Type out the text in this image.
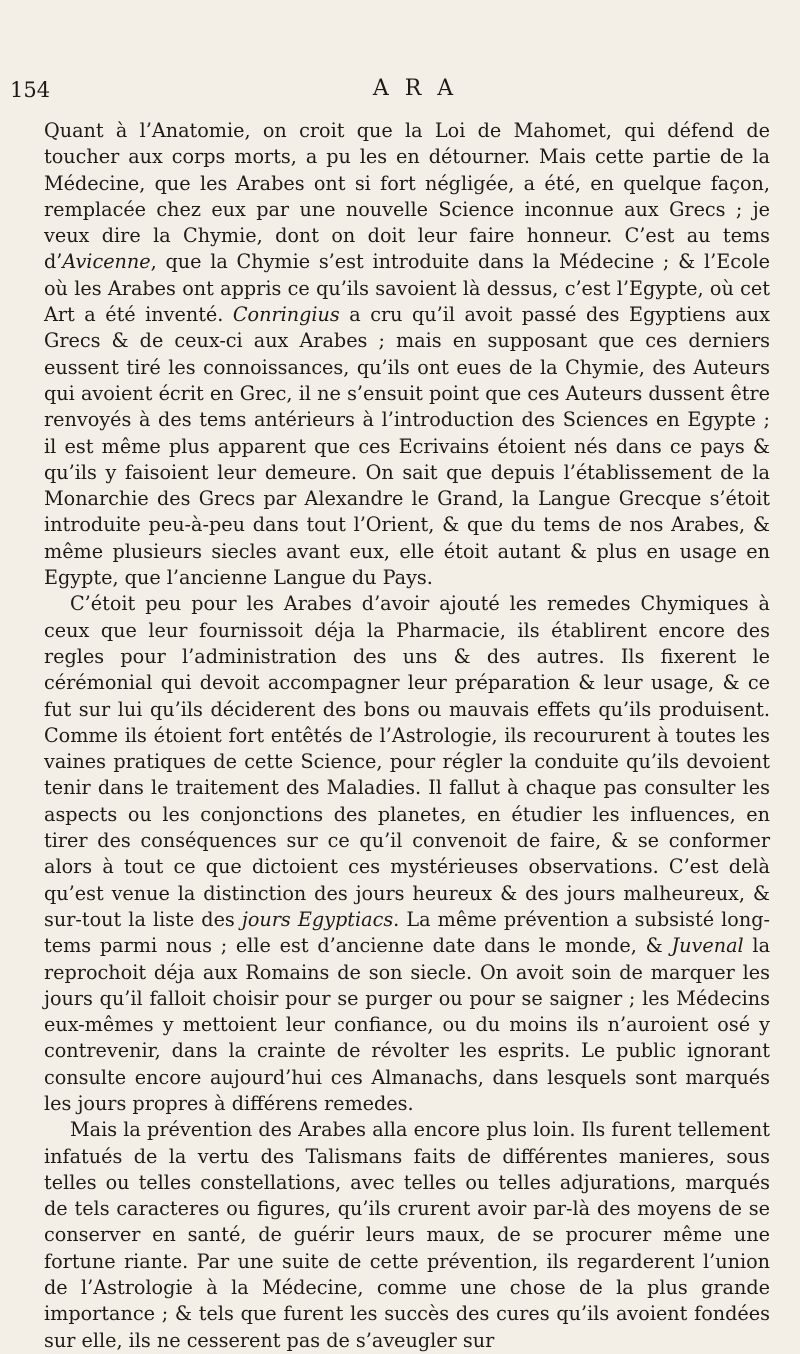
154	ARA

Quant à l’Anatomie, on croit que la Loi de Mahomet, qui défend de toucher aux corps morts, a pu les en détourner. Mais cette partie de la Médecine, que les Arabes ont si fort négligée, a été, en quelque façon, remplacée chez eux par une nouvelle Science inconnue aux Grecs ; je veux dire la Chymie, dont on doit leur faire honneur. C’est au tems d’Avicenne, que la Chymie s’est introduite dans la Médecine ; & l’Ecole où les Arabes ont appris ce qu’ils savoient là dessus, c’est l’Egypte, où cet Art a été inventé. Conringius a cru qu’il avoit passé des Egyptiens aux Grecs & de ceux-ci aux Arabes ; mais en supposant que ces derniers eussent tiré les connoissances, qu’ils ont eues de la Chymie, des Auteurs qui avoient écrit en Grec, il ne s’ensuit point que ces Auteurs dussent être renvoyés à des tems antérieurs à l’introduction des Sciences en Egypte ; il est même plus apparent que ces Ecrivains étoient nés dans ce pays & qu’ils y faisoient leur demeure. On sait que depuis l’établissement de la Monarchie des Grecs par Alexandre le Grand, la Langue Grecque s’étoit introduite peu-à-peu dans tout l’Orient, & que du tems de nos Arabes, & même plusieurs siecles avant eux, elle étoit autant & plus en usage en Egypte, que l’ancienne Langue du Pays.

C’étoit peu pour les Arabes d’avoir ajouté les remedes Chymiques à ceux que leur fournissoit déja la Pharmacie, ils établirent encore des regles pour l’administration des uns & des autres. Ils fixerent le cérémonial qui devoit accompagner leur préparation & leur usage, & ce fut sur lui qu’ils déciderent des bons ou mauvais effets qu’ils produisent. Comme ils étoient fort entêtés de l’Astrologie, ils recoururent à toutes les vaines pratiques de cette Science, pour régler la conduite qu’ils devoient tenir dans le traitement des Maladies. Il fallut à chaque pas consulter les aspects ou les conjonctions des planetes, en étudier les influences, en tirer des conséquences sur ce qu’il convenoit de faire, & se conformer alors à tout ce que dictoient ces mystérieuses observations. C’est delà qu’est venue la distinction des jours heureux & des jours malheureux, & sur-tout la liste des jours Egyptiacs. La même prévention a subsisté long-tems parmi nous ; elle est d’ancienne date dans le monde, & Juvenal la reprochoit déja aux Romains de son siecle. On avoit soin de marquer les jours qu’il falloit choisir pour se purger ou pour se saigner ; les Médecins eux-mêmes y mettoient leur confiance, ou du moins ils n’auroient osé y contrevenir, dans la crainte de révolter les esprits. Le public ignorant consulte encore aujourd’hui ces Almanachs, dans lesquels sont marqués les jours propres à différens remedes.

Mais la prévention des Arabes alla encore plus loin. Ils furent tellement infatués de la vertu des Talismans faits de différentes manieres, sous telles ou telles constellations, avec telles ou telles adjurations, marqués de tels caracteres ou figures, qu’ils crurent avoir par-là des moyens de se conserver en santé, de guérir leurs maux, de se procurer même une fortune riante. Par une suite de cette prévention, ils regarderent l’union de l’Astrologie à la Médecine, comme une chose de la plus grande importance ; & tels que furent les succès des cures qu’ils avoient fondées sur elle, ils ne cesserent pas de s’aveugler sur
